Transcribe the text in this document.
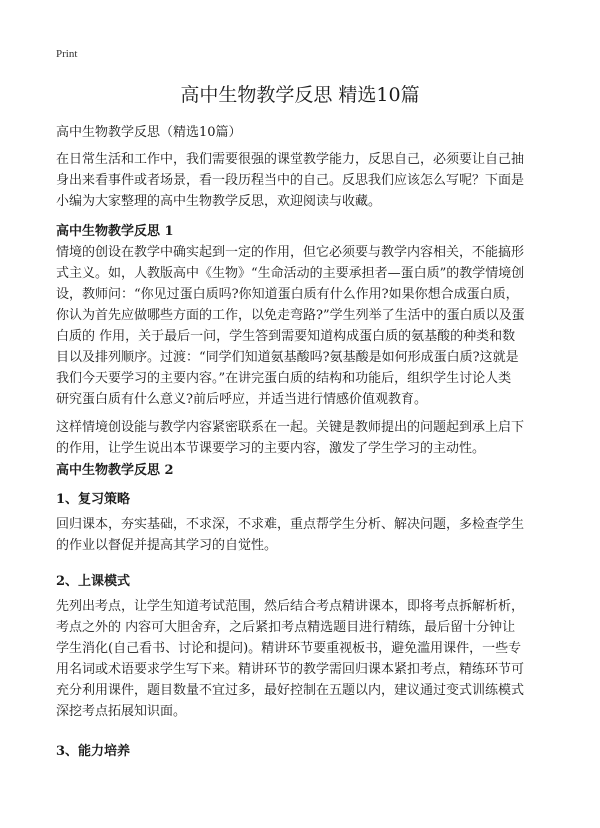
Print
高中生物教学反思 精选10篇
高中生物教学反思（精选10篇）
在日常生活和工作中，我们需要很强的课堂教学能力，反思自己，必须要让自己抽
身出来看事件或者场景，看一段历程当中的自己。反思我们应该怎么写呢？下面是
小编为大家整理的高中生物教学反思，欢迎阅读与收藏。
高中生物教学反思 1
情境的创设在教学中确实起到一定的作用，但它必须要与教学内容相关，不能搞形
式主义。如，人教版高中《生物》“生命活动的主要承担者—蛋白质”的教学情境创
设，教师问：“你见过蛋白质吗?你知道蛋白质有什么作用?如果你想合成蛋白质，
你认为首先应做哪些方面的工作，以免走弯路?”学生列举了生活中的蛋白质以及蛋
白质的 作用，关于最后一问，学生答到需要知道构成蛋白质的氨基酸的种类和数
目以及排列顺序。过渡：“同学们知道氨基酸吗?氨基酸是如何形成蛋白质?这就是
我们今天要学习的主要内容。”在讲完蛋白质的结构和功能后，组织学生讨论人类
研究蛋白质有什么意义?前后呼应，并适当进行情感价值观教育。
这样情境创设能与教学内容紧密联系在一起。关键是教师提出的问题起到承上启下
的作用，让学生说出本节课要学习的主要内容，激发了学生学习的主动性。
高中生物教学反思 2
1、复习策略
回归课本，夯实基础，不求深，不求难，重点帮学生分析、解决问题，多检查学生
的作业以督促并提高其学习的自觉性。
2、上课模式
先列出考点，让学生知道考试范围，然后结合考点精讲课本，即将考点拆解析析，
考点之外的 内容可大胆舍弃，之后紧扣考点精选题目进行精练，最后留十分钟让
学生消化(自己看书、讨论和提问)。精讲环节要重视板书，避免滥用课件，一些专
用名词或术语要求学生写下来。精讲环节的教学需回归课本紧扣考点，精练环节可
充分利用课件，题目数量不宜过多，最好控制在五题以内，建议通过变式训练模式
深挖考点拓展知识面。
3、能力培养
